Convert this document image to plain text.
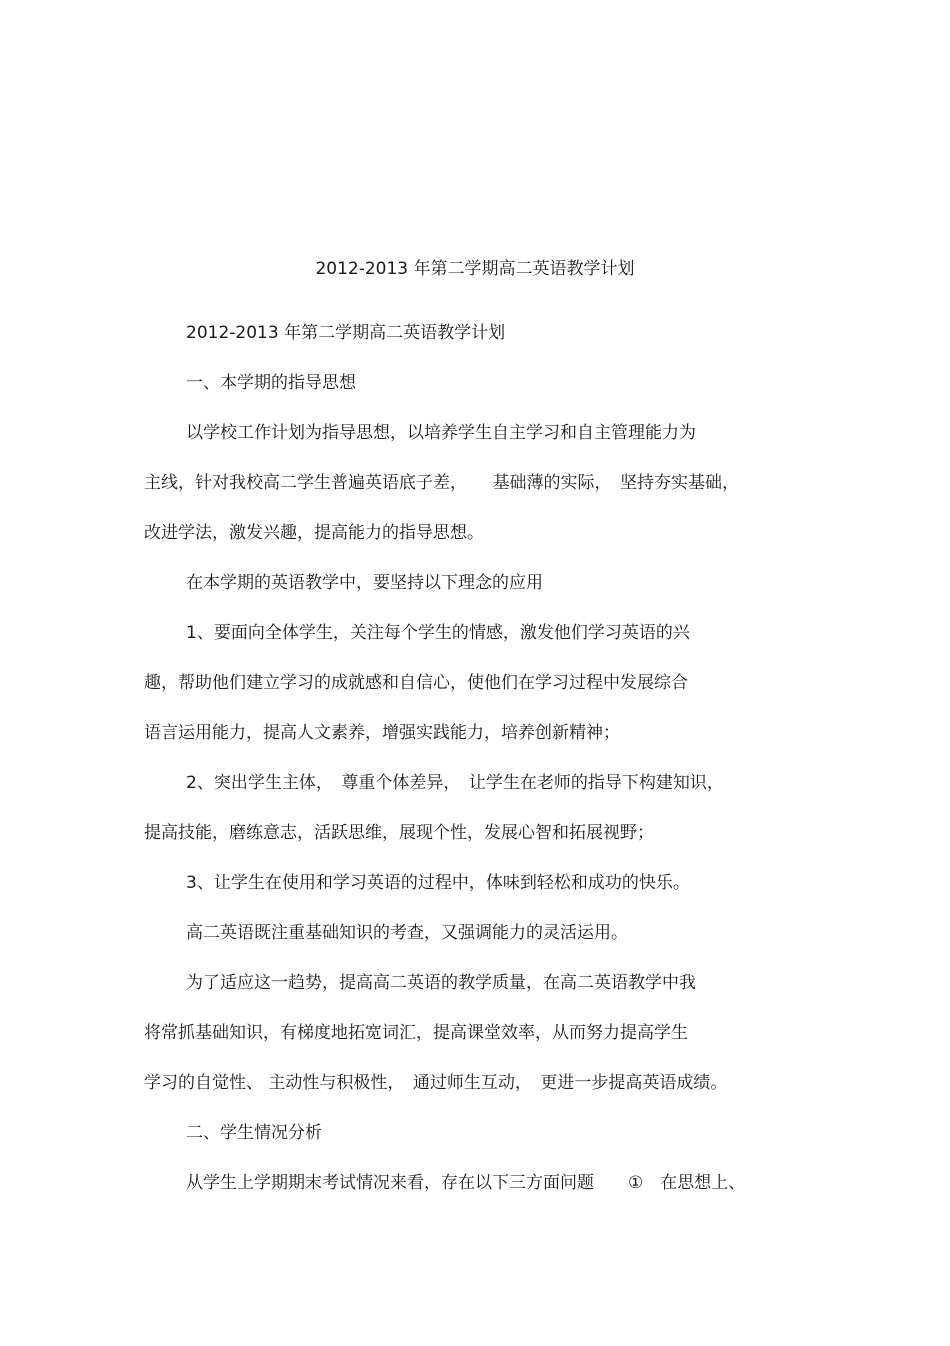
2012-2013 年第二学期高二英语教学计划
2012-2013 年第二学期高二英语教学计划
一、本学期的指导思想
以学校工作计划为指导思想，以培养学生自主学习和自主管理能力为
主线，针对我校高二学生普遍英语底子差，　　基础薄的实际，　坚持夯实基础，
改进学法，激发兴趣，提高能力的指导思想。
在本学期的英语教学中，要坚持以下理念的应用
1、要面向全体学生，关注每个学生的情感，激发他们学习英语的兴
趣，帮助他们建立学习的成就感和自信心，使他们在学习过程中发展综合
语言运用能力，提高人文素养，增强实践能力，培养创新精神；
2、突出学生主体，　尊重个体差异，　让学生在老师的指导下构建知识，
提高技能，磨练意志，活跃思维，展现个性，发展心智和拓展视野；
3、让学生在使用和学习英语的过程中，体味到轻松和成功的快乐。
高二英语既注重基础知识的考查，又强调能力的灵活运用。
为了适应这一趋势，提高高二英语的教学质量，在高二英语教学中我
将常抓基础知识，有梯度地拓宽词汇，提高课堂效率，从而努力提高学生
学习的自觉性、 主动性与积极性，　通过师生互动，　更进一步提高英语成绩。
二、学生情况分析
从学生上学期期末考试情况来看，存在以下三方面问题　　①　在思想上、
